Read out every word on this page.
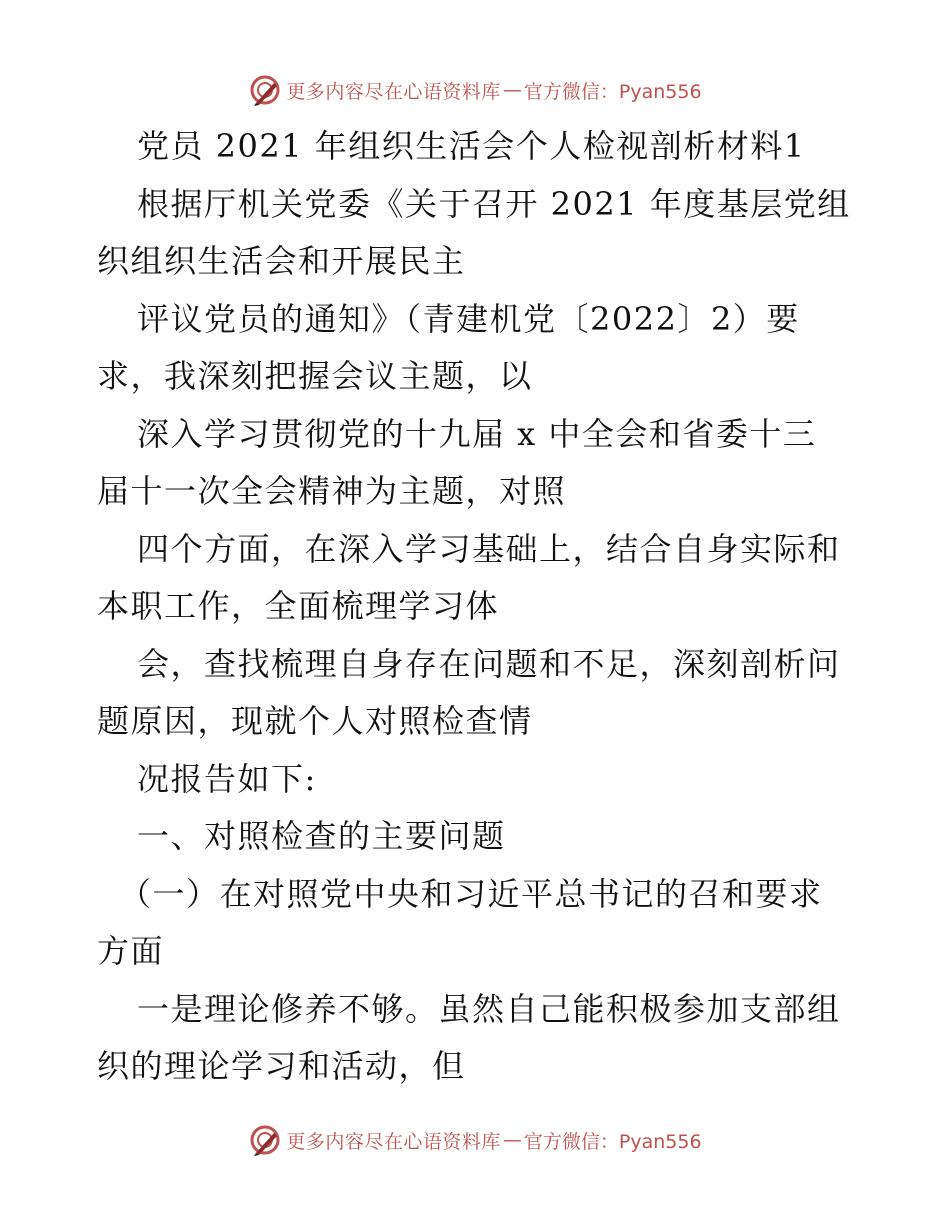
更多内容尽在心语资料库 — 官方微信：Pyan556
党员 2021 年组织生活会个人检视剖析材料1
根据厅机关党委《关于召开 2021 年度基层党组
织组织生活会和开展民主
评议党员的通知》（青建机党〔2022〕2）要
求，我深刻把握会议主题，以
深入学习贯彻党的十九届 x 中全会和省委十三
届十一次全会精神为主题，对照
四个方面，在深入学习基础上，结合自身实际和
本职工作，全面梳理学习体
会，查找梳理自身存在问题和不足，深刻剖析问
题原因，现就个人对照检查情
况报告如下:
一、对照检查的主要问题
（一）在对照党中央和习近平总书记的召和要求
方面
一是理论修养不够。虽然自己能积极参加支部组
织的理论学习和活动，但
更多内容尽在心语资料库 — 官方微信：Pyan556
